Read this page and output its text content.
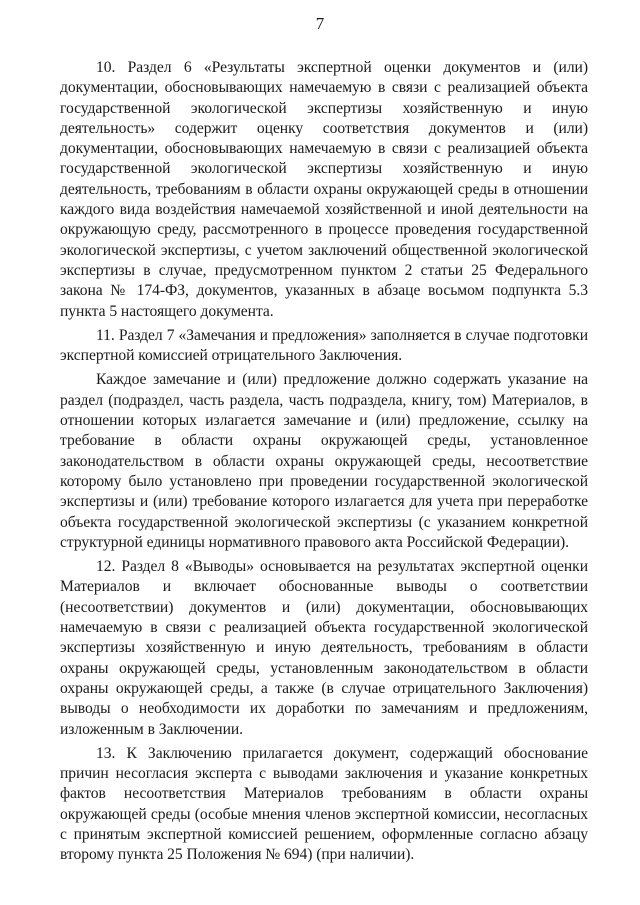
7

10. Раздел 6 «Результаты экспертной оценки документов и (или) документации, обосновывающих намечаемую в связи с реализацией объекта государственной экологической экспертизы хозяйственную и иную деятельность» содержит оценку соответствия документов и (или) документации, обосновывающих намечаемую в связи с реализацией объекта государственной экологической экспертизы хозяйственную и иную деятельность, требованиям в области охраны окружающей среды в отношении каждого вида воздействия намечаемой хозяйственной и иной деятельности на окружающую среду, рассмотренного в процессе проведения государственной экологической экспертизы, с учетом заключений общественной экологической экспертизы в случае, предусмотренном пунктом 2 статьи 25 Федерального закона № 174-ФЗ, документов, указанных в абзаце восьмом подпункта 5.3 пункта 5 настоящего документа.

11. Раздел 7 «Замечания и предложения» заполняется в случае подготовки экспертной комиссией отрицательного Заключения.

Каждое замечание и (или) предложение должно содержать указание на раздел (подраздел, часть раздела, часть подраздела, книгу, том) Материалов, в отношении которых излагается замечание и (или) предложение, ссылку на требование в области охраны окружающей среды, установленное законодательством в области охраны окружающей среды, несоответствие которому было установлено при проведении государственной экологической экспертизы и (или) требование которого излагается для учета при переработке объекта государственной экологической экспертизы (с указанием конкретной структурной единицы нормативного правового акта Российской Федерации).

12. Раздел 8 «Выводы» основывается на результатах экспертной оценки Материалов и включает обоснованные выводы о соответствии (несоответствии) документов и (или) документации, обосновывающих намечаемую в связи с реализацией объекта государственной экологической экспертизы хозяйственную и иную деятельность, требованиям в области охраны окружающей среды, установленным законодательством в области охраны окружающей среды, а также (в случае отрицательного Заключения) выводы о необходимости их доработки по замечаниям и предложениям, изложенным в Заключении.

13. К Заключению прилагается документ, содержащий обоснование причин несогласия эксперта с выводами заключения и указание конкретных фактов несоответствия Материалов требованиям в области охраны окружающей среды (особые мнения членов экспертной комиссии, несогласных с принятым экспертной комиссией решением, оформленные согласно абзацу второму пункта 25 Положения № 694) (при наличии).
